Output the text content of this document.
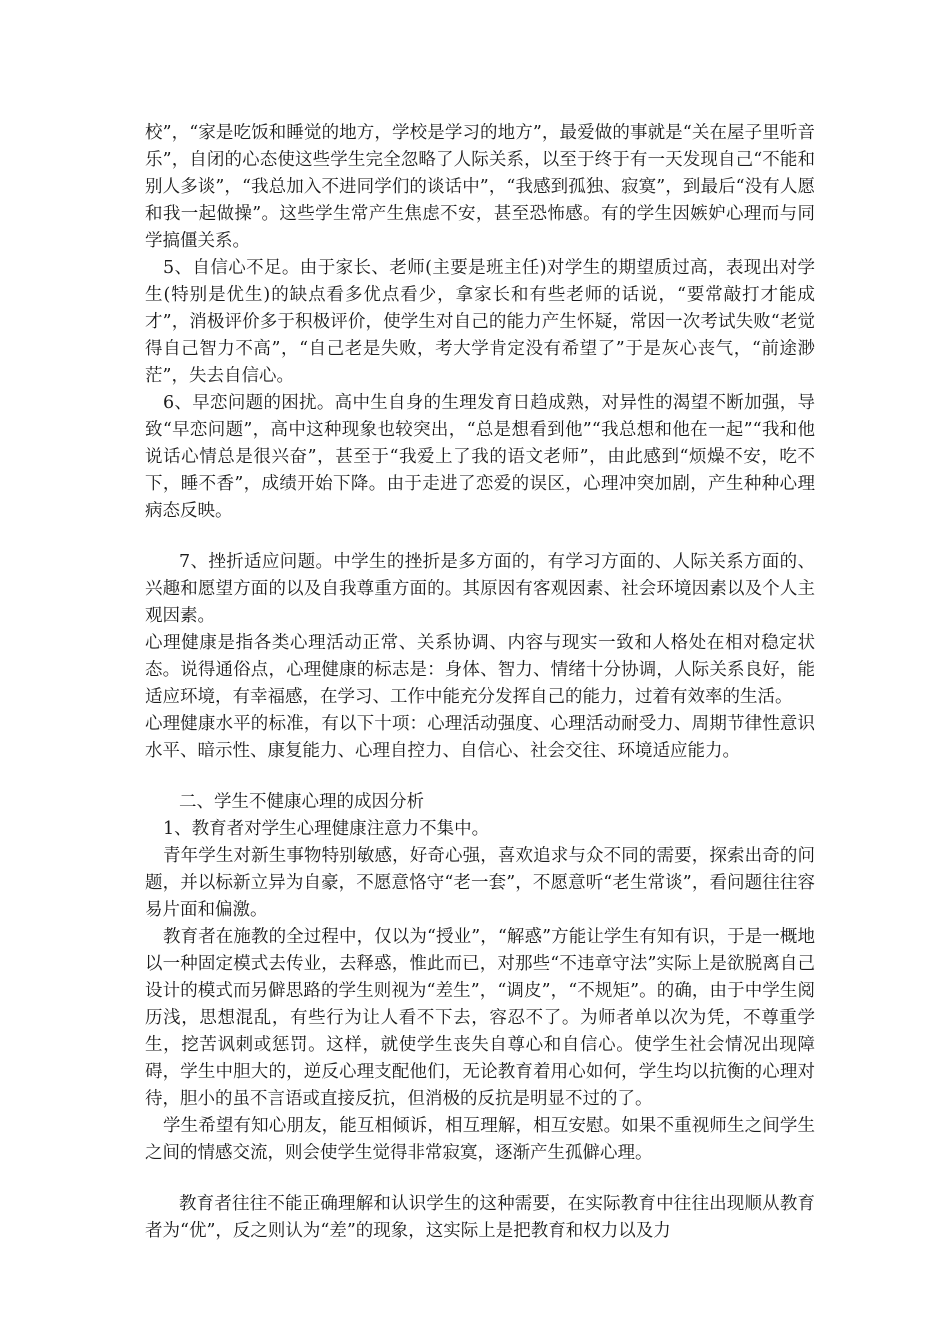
校”，“家是吃饭和睡觉的地方，学校是学习的地方”，最爱做的事就是“关在屋子里听音乐”，自闭的心态使这些学生完全忽略了人际关系，以至于终于有一天发现自己“不能和别人多谈”，“我总加入不进同学们的谈话中”，“我感到孤独、寂寞”，到最后“没有人愿和我一起做操”。这些学生常产生焦虑不安，甚至恐怖感。有的学生因嫉妒心理而与同学搞僵关系。

5、自信心不足。由于家长、老师(主要是班主任)对学生的期望质过高，表现出对学生(特别是优生)的缺点看多优点看少，拿家长和有些老师的话说，“要常敲打才能成才”，消极评价多于积极评价，使学生对自己的能力产生怀疑，常因一次考试失败“老觉得自己智力不高”，“自己老是失败，考大学肯定没有希望了”于是灰心丧气，“前途渺茫”，失去自信心。

6、早恋问题的困扰。高中生自身的生理发育日趋成熟，对异性的渴望不断加强，导致“早恋问题”，高中这种现象也较突出，“总是想看到他”“我总想和他在一起”“我和他说话心情总是很兴奋”，甚至于“我爱上了我的语文老师”，由此感到“烦燥不安，吃不下，睡不香”，成绩开始下降。由于走进了恋爱的误区，心理冲突加剧，产生种种心理病态反映。

7、挫折适应问题。中学生的挫折是多方面的，有学习方面的、人际关系方面的、兴趣和愿望方面的以及自我尊重方面的。其原因有客观因素、社会环境因素以及个人主观因素。

心理健康是指各类心理活动正常、关系协调、内容与现实一致和人格处在相对稳定状态。说得通俗点，心理健康的标志是：身体、智力、情绪十分协调，人际关系良好，能适应环境，有幸福感，在学习、工作中能充分发挥自己的能力，过着有效率的生活。

心理健康水平的标准，有以下十项：心理活动强度、心理活动耐受力、周期节律性意识水平、暗示性、康复能力、心理自控力、自信心、社会交往、环境适应能力。

二、学生不健康心理的成因分析

1、教育者对学生心理健康注意力不集中。

青年学生对新生事物特别敏感，好奇心强，喜欢追求与众不同的需要，探索出奇的问题，并以标新立异为自豪，不愿意恪守“老一套”，不愿意听“老生常谈”，看问题往往容易片面和偏激。

教育者在施教的全过程中，仅以为“授业”，“解惑”方能让学生有知有识，于是一概地以一种固定模式去传业，去释惑，惟此而已，对那些“不违章守法”实际上是欲脱离自己设计的模式而另僻思路的学生则视为“差生”，“调皮”，“不规矩”。的确，由于中学生阅历浅，思想混乱，有些行为让人看不下去，容忍不了。为师者单以次为凭，不尊重学生，挖苦讽刺或惩罚。这样，就使学生丧失自尊心和自信心。使学生社会情况出现障碍，学生中胆大的，逆反心理支配他们，无论教育着用心如何，学生均以抗衡的心理对待，胆小的虽不言语或直接反抗，但消极的反抗是明显不过的了。

学生希望有知心朋友，能互相倾诉，相互理解，相互安慰。如果不重视师生之间学生之间的情感交流，则会使学生觉得非常寂寞，逐渐产生孤僻心理。

教育者往往不能正确理解和认识学生的这种需要，在实际教育中往往出现顺从教育者为“优”，反之则认为“差”的现象，这实际上是把教育和权力以及力
